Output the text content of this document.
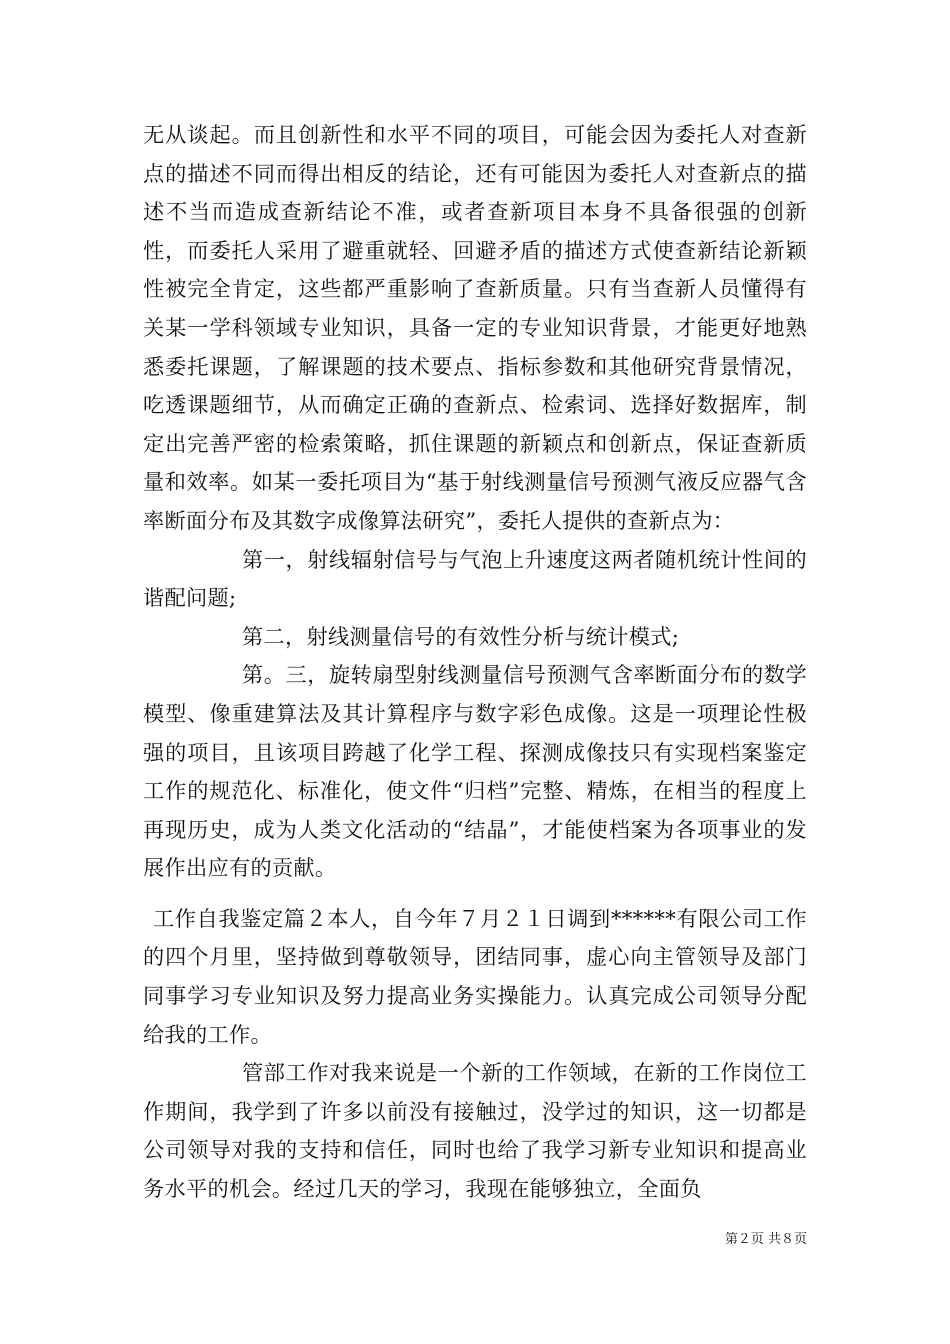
无从谈起。而且创新性和水平不同的项目，可能会因为委托人对查新点的描述不同而得出相反的结论，还有可能因为委托人对查新点的描述不当而造成查新结论不准，或者查新项目本身不具备很强的创新性，而委托人采用了避重就轻、回避矛盾的描述方式使查新结论新颖性被完全肯定，这些都严重影响了查新质量。只有当查新人员懂得有关某一学科领域专业知识，具备一定的专业知识背景，才能更好地熟悉委托课题，了解课题的技术要点、指标参数和其他研究背景情况，吃透课题细节，从而确定正确的查新点、检索词、选择好数据库，制定出完善严密的检索策略，抓住课题的新颖点和创新点，保证查新质量和效率。如某一委托项目为“基于射线测量信号预测气液反应器气含率断面分布及其数字成像算法研究”，委托人提供的查新点为：

第一，射线辐射信号与气泡上升速度这两者随机统计性间的谐配问题;

第二，射线测量信号的有效性分析与统计模式;

第。三，旋转扇型射线测量信号预测气含率断面分布的数学模型、像重建算法及其计算程序与数字彩色成像。这是一项理论性极强的项目，且该项目跨越了化学工程、探测成像技只有实现档案鉴定工作的规范化、标准化，使文件“归档”完整、精炼，在相当的程度上再现历史，成为人类文化活动的“结晶”，才能使档案为各项事业的发展作出应有的贡献。

工作自我鉴定篇２本人，自今年７月２１日调到******有限公司工作的四个月里，坚持做到尊敬领导，团结同事，虚心向主管领导及部门同事学习专业知识及努力提高业务实操能力。认真完成公司领导分配给我的工作。

管部工作对我来说是一个新的工作领域，在新的工作岗位工作期间，我学到了许多以前没有接触过，没学过的知识，这一切都是公司领导对我的支持和信任，同时也给了我学习新专业知识和提高业务水平的机会。经过几天的学习，我现在能够独立，全面负

第２页 共８页
